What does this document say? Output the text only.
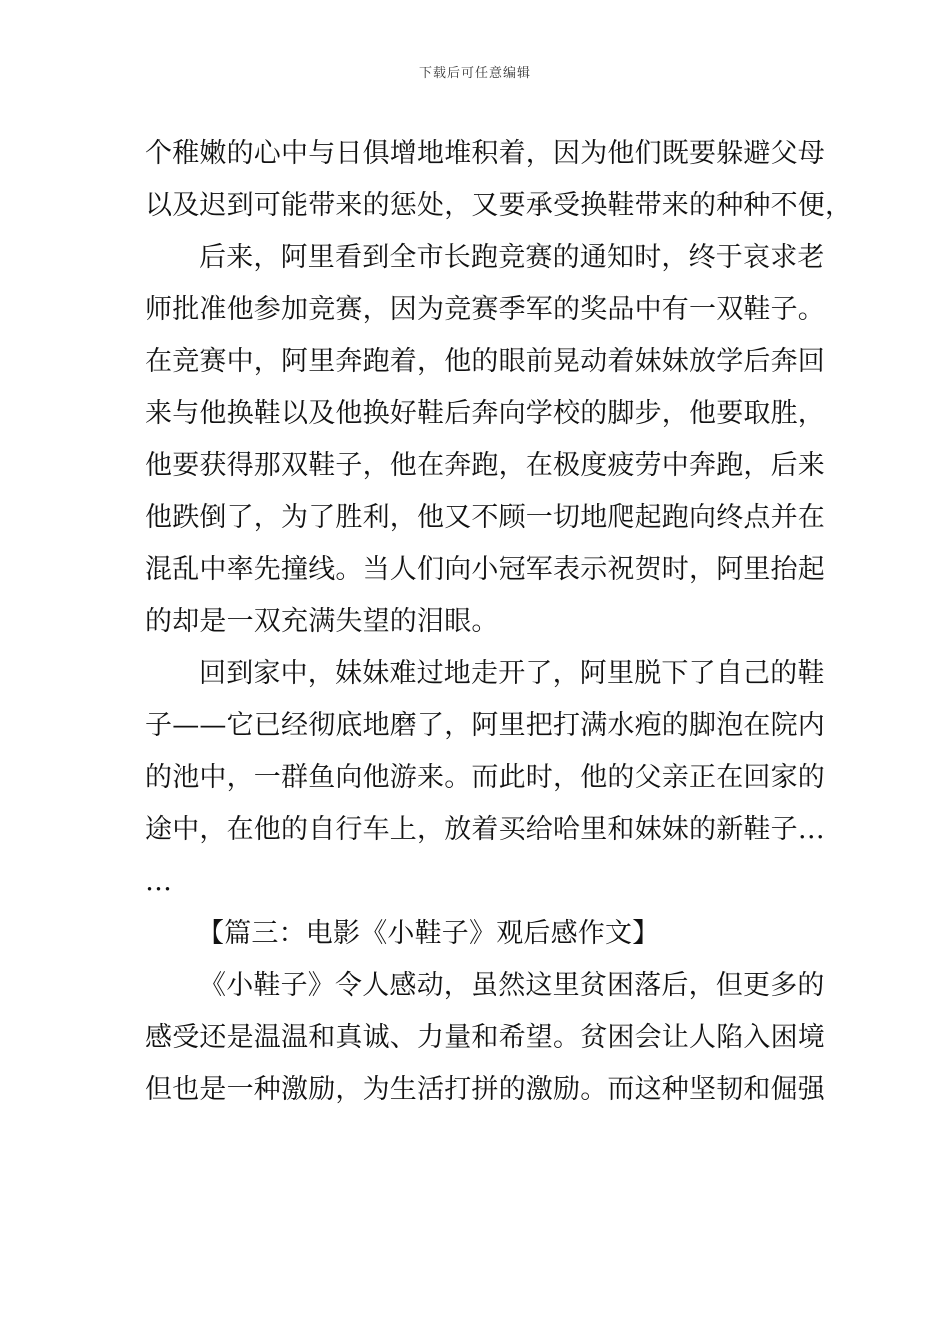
下载后可任意编辑
个稚嫩的心中与日俱增地堆积着，因为他们既要躲避父母
以及迟到可能带来的惩处，又要承受换鞋带来的种种不便，
后来，阿里看到全市长跑竞赛的通知时，终于哀求老
师批准他参加竞赛，因为竞赛季军的奖品中有一双鞋子。
在竞赛中，阿里奔跑着，他的眼前晃动着妹妹放学后奔回
来与他换鞋以及他换好鞋后奔向学校的脚步，他要取胜，
他要获得那双鞋子，他在奔跑，在极度疲劳中奔跑，后来
他跌倒了，为了胜利，他又不顾一切地爬起跑向终点并在
混乱中率先撞线。当人们向小冠军表示祝贺时，阿里抬起
的却是一双充满失望的泪眼。
回到家中，妹妹难过地走开了，阿里脱下了自己的鞋
子——它已经彻底地磨了，阿里把打满水疱的脚泡在院内
的池中，一群鱼向他游来。而此时，他的父亲正在回家的
途中，在他的自行车上，放着买给哈里和妹妹的新鞋子…
…
【篇三：电影《小鞋子》观后感作文】
《小鞋子》令人感动，虽然这里贫困落后，但更多的
感受还是温温和真诚、力量和希望。贫困会让人陷入困境
但也是一种激励，为生活打拼的激励。而这种坚韧和倔强
